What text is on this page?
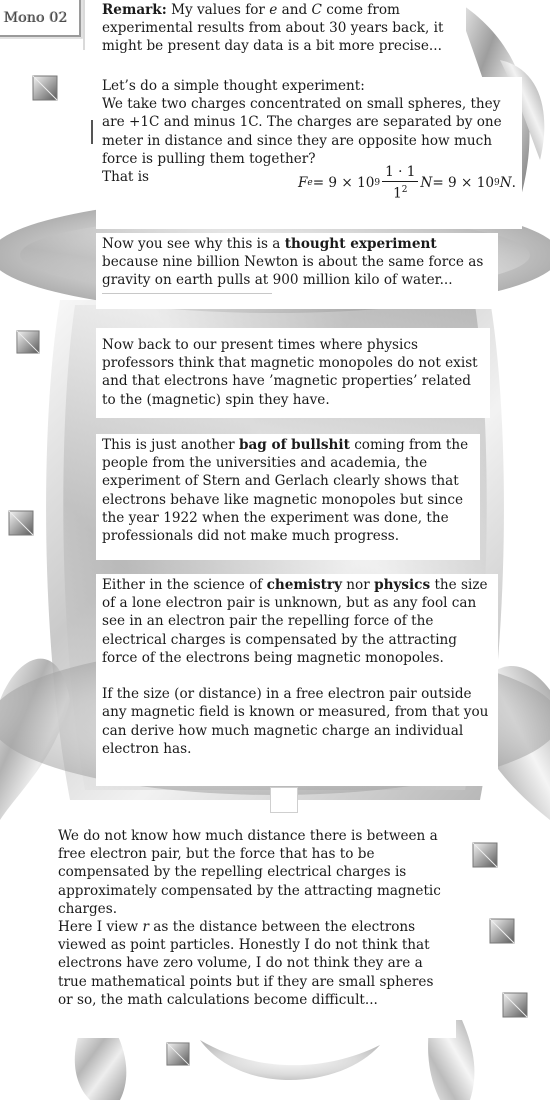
Mono 02	Remark: My values for e and C come from experimental results from about 30 years back, it might be present day data is a bit more precise...

Let’s do a simple thought experiment:
We take two charges concentrated on small spheres, they are +1C and minus 1C. The charges are separated by one meter in distance and since they are opposite how much force is pulling them together?
That is	F e = 9 × 10 $9 \frac{1 \cdot 1}{1^2}$ N = 9 × 10 9 N .

Now you see why this is a thought experiment because nine billion Newton is about the same force as gravity on earth pulls at 900 million kilo of water...

Now back to our present times where physics professors think that magnetic monopoles do not exist and that electrons have ’magnetic properties’ related to the (magnetic) spin they have.

This is just another bag of bullshit coming from the people from the universities and academia, the experiment of Stern and Gerlach clearly shows that electrons behave like magnetic monopoles but since the year 1922 when the experiment was done, the professionals did not make much progress.

Either in the science of chemistry nor physics the size of a lone electron pair is unknown, but as any fool can see in an electron pair the repelling force of the electrical charges is compensated by the attracting force of the electrons being magnetic monopoles.

If the size (or distance) in a free electron pair outside any magnetic field is known or measured, from that you can derive how much magnetic charge an individual electron has.

We do not know how much distance there is between a free electron pair, but the force that has to be compensated by the repelling electrical charges is approximately compensated by the attracting magnetic charges.

Here I view r as the distance between the electrons viewed as point particles. Honestly I do not think that electrons have zero volume, I do not think they are a true mathematical points but if they are small spheres or so, the math calculations become difficult...
